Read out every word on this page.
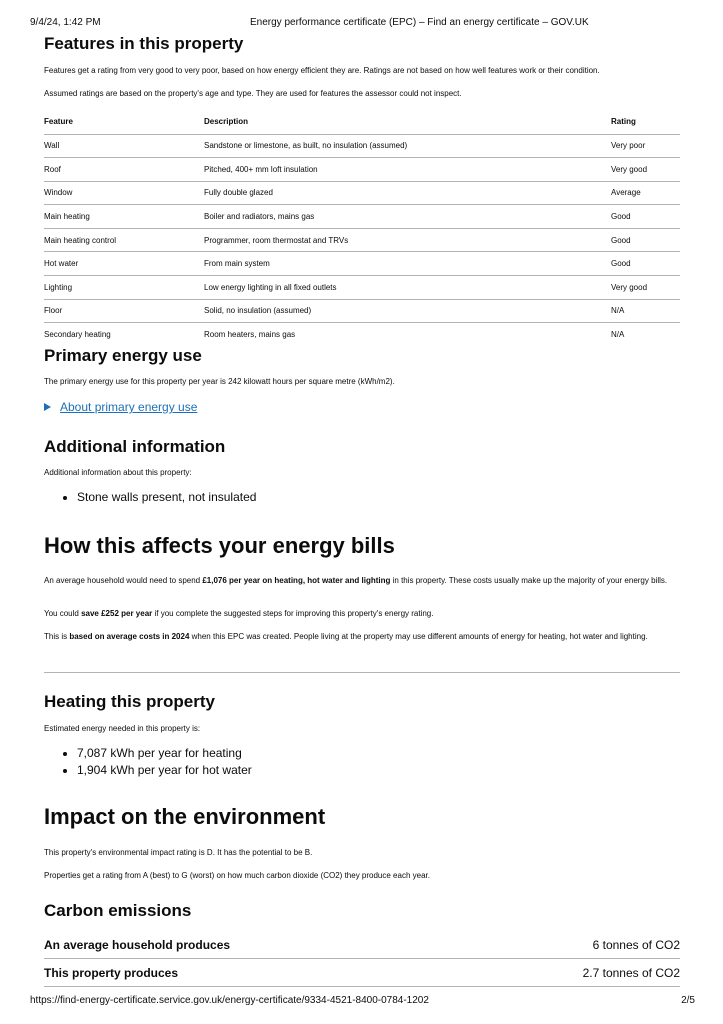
9/4/24, 1:42 PM	Energy performance certificate (EPC) – Find an energy certificate – GOV.UK
Features in this property

Features get a rating from very good to very poor, based on how energy efficient they are. Ratings are not based on how well features work or their condition.

Assumed ratings are based on the property's age and type. They are used for features the assessor could not inspect.

Feature	Description	Rating
Wall	Sandstone or limestone, as built, no insulation (assumed)	Very poor
Roof	Pitched, 400+ mm loft insulation	Very good
Window	Fully double glazed	Average
Main heating	Boiler and radiators, mains gas	Good
Main heating control	Programmer, room thermostat and TRVs	Good
Hot water	From main system	Good
Lighting	Low energy lighting in all fixed outlets	Very good
Floor	Solid, no insulation (assumed)	N/A
Secondary heating	Room heaters, mains gas	N/A
Primary energy use

The primary energy use for this property per year is 242 kilowatt hours per square metre (kWh/m2).

About primary energy use
Additional information

Additional information about this property:

• Stone walls present, not insulated
How this affects your energy bills

An average household would need to spend £1,076 per year on heating, hot water and lighting in this property. These costs usually make up the majority of your energy bills.

You could save £252 per year if you complete the suggested steps for improving this property's energy rating.

This is based on average costs in 2024 when this EPC was created. People living at the property may use different amounts of energy for heating, hot water and lighting.

Heating this property

Estimated energy needed in this property is:

• 7,087 kWh per year for heating
• 1,904 kWh per year for hot water
Impact on the environment

This property's environmental impact rating is D. It has the potential to be B.

Properties get a rating from A (best) to G (worst) on how much carbon dioxide (CO2) they produce each year.

Carbon emissions
An average household produces	6 tonnes of CO2
This property produces	2.7 tonnes of CO2
https://find-energy-certificate.service.gov.uk/energy-certificate/9334-4521-8400-0784-1202	2/5
